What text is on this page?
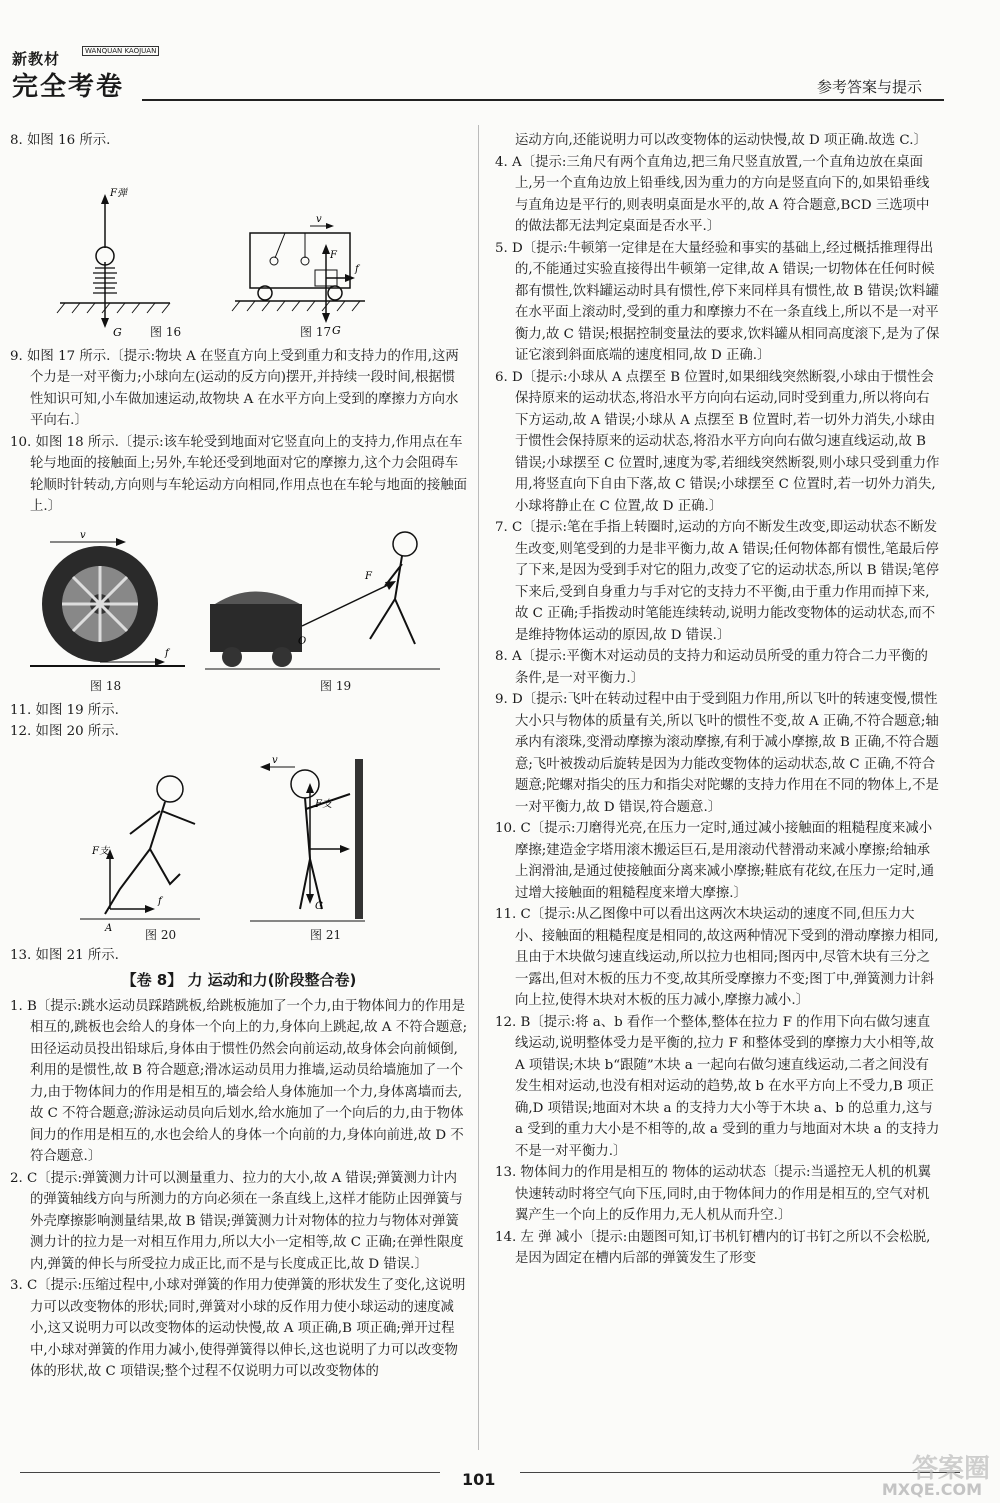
新教材	WANQUAN KAOJUAN
完全考卷	参考答案与提示

8. 如图 16 所示.

F弹
G
v
F
f
G
图 16	图 17

9. 如图 17 所示.〔提示:物块 A 在竖直方向上受到重力和支持力的作用,这两个力是一对平衡力;小球向左(运动的反方向)摆开,并持续一段时间,根据惯性知识可知,小车做加速运动,故物块 A 在水平方向上受到的摩擦力方向水平向右.〕

10. 如图 18 所示.〔提示:该车轮受到地面对它竖直向上的支持力,作用点在车轮与地面的接触面上;另外,车轮还受到地面对它的摩擦力,这个力会阻碍车轮顺时针转动,方向则与车轮运动方向相同,作用点也在车轮与地面的接触面上.〕

v
f
F
O
图 18	图 19

11. 如图 19 所示.

12. 如图 20 所示.

F支
A
f
v
F支
G
图 20	图 21

13. 如图 21 所示.

【卷 8】 力 运动和力(阶段整合卷)

1. B〔提示:跳水运动员踩踏跳板,给跳板施加了一个力,由于物体间力的作用是相互的,跳板也会给人的身体一个向上的力,身体向上跳起,故 A 不符合题意;田径运动员投出铅球后,身体由于惯性仍然会向前运动,故身体会向前倾倒,利用的是惯性,故 B 符合题意;滑冰运动员用力推墙,运动员给墙施加了一个力,由于物体间力的作用是相互的,墙会给人身体施加一个力,身体离墙而去,故 C 不符合题意;游泳运动员向后划水,给水施加了一个向后的力,由于物体间力的作用是相互的,水也会给人的身体一个向前的力,身体向前进,故 D 不符合题意.〕

2. C〔提示:弹簧测力计可以测量重力、拉力的大小,故 A 错误;弹簧测力计内的弹簧轴线方向与所测力的方向必须在一条直线上,这样才能防止因弹簧与外壳摩擦影响测量结果,故 B 错误;弹簧测力计对物体的拉力与物体对弹簧测力计的拉力是一对相互作用力,所以大小一定相等,故 C 正确;在弹性限度内,弹簧的伸长与所受拉力成正比,而不是与长度成正比,故 D 错误.〕

3. C〔提示:压缩过程中,小球对弹簧的作用力使弹簧的形状发生了变化,这说明力可以改变物体的形状;同时,弹簧对小球的反作用力使小球运动的速度减小,这又说明力可以改变物体的运动快慢,故 A 项正确,B 项正确;弹开过程中,小球对弹簧的作用力减小,使得弹簧得以伸长,这也说明了力可以改变物体的形状,故 C 项错误;整个过程不仅说明力可以改变物体的

运动方向,还能说明力可以改变物体的运动快慢,故 D 项正确.故选 C.〕

4. A〔提示:三角尺有两个直角边,把三角尺竖直放置,一个直角边放在桌面上,另一个直角边放上铅垂线,因为重力的方向是竖直向下的,如果铅垂线与直角边是平行的,则表明桌面是水平的,故 A 符合题意,BCD 三选项中的做法都无法判定桌面是否水平.〕

5. D〔提示:牛顿第一定律是在大量经验和事实的基础上,经过概括推理得出的,不能通过实验直接得出牛顿第一定律,故 A 错误;一切物体在任何时候都有惯性,饮料罐运动时具有惯性,停下来同样具有惯性,故 B 错误;饮料罐在水平面上滚动时,受到的重力和摩擦力不在一条直线上,所以不是一对平衡力,故 C 错误;根据控制变量法的要求,饮料罐从相同高度滚下,是为了保证它滚到斜面底端的速度相同,故 D 正确.〕

6. D〔提示:小球从 A 点摆至 B 位置时,如果细线突然断裂,小球由于惯性会保持原来的运动状态,将沿水平方向向右运动,同时受到重力,所以将向右下方运动,故 A 错误;小球从 A 点摆至 B 位置时,若一切外力消失,小球由于惯性会保持原来的运动状态,将沿水平方向向右做匀速直线运动,故 B 错误;小球摆至 C 位置时,速度为零,若细线突然断裂,则小球只受到重力作用,将竖直向下自由下落,故 C 错误;小球摆至 C 位置时,若一切外力消失,小球将静止在 C 位置,故 D 正确.〕

7. C〔提示:笔在手指上转圈时,运动的方向不断发生改变,即运动状态不断发生改变,则笔受到的力是非平衡力,故 A 错误;任何物体都有惯性,笔最后停了下来,是因为受到手对它的阻力,改变了它的运动状态,所以 B 错误;笔停下来后,受到自身重力与手对它的支持力不平衡,由于重力作用而掉下来,故 C 正确;手指拨动时笔能连续转动,说明力能改变物体的运动状态,而不是维持物体运动的原因,故 D 错误.〕

8. A〔提示:平衡木对运动员的支持力和运动员所受的重力符合二力平衡的条件,是一对平衡力.〕

9. D〔提示:飞叶在转动过程中由于受到阻力作用,所以飞叶的转速变慢,惯性大小只与物体的质量有关,所以飞叶的惯性不变,故 A 正确,不符合题意;轴承内有滚珠,变滑动摩擦为滚动摩擦,有利于减小摩擦,故 B 正确,不符合题意;飞叶被拨动后旋转是因为力能改变物体的运动状态,故 C 正确,不符合题意;陀螺对指尖的压力和指尖对陀螺的支持力作用在不同的物体上,不是一对平衡力,故 D 错误,符合题意.〕

10. C〔提示:刀磨得光亮,在压力一定时,通过减小接触面的粗糙程度来减小摩擦;建造金字塔用滚木搬运巨石,是用滚动代替滑动来减小摩擦;给轴承上润滑油,是通过使接触面分离来减小摩擦;鞋底有花纹,在压力一定时,通过增大接触面的粗糙程度来增大摩擦.〕

11. C〔提示:从乙图像中可以看出这两次木块运动的速度不同,但压力大小、接触面的粗糙程度是相同的,故这两种情况下受到的滑动摩擦力相同,且由于木块做匀速直线运动,所以拉力也相同;图丙中,尽管木块有三分之一露出,但对木板的压力不变,故其所受摩擦力不变;图丁中,弹簧测力计斜向上拉,使得木块对木板的压力减小,摩擦力减小.〕

12. B〔提示:将 a、b 看作一个整体,整体在拉力 F 的作用下向右做匀速直线运动,说明整体受力是平衡的,拉力 F 和整体受到的摩擦力大小相等,故 A 项错误;木块 b“跟随”木块 a 一起向右做匀速直线运动,二者之间没有发生相对运动,也没有相对运动的趋势,故 b 在水平方向上不受力,B 项正确,D 项错误;地面对木块 a 的支持力大小等于木块 a、b 的总重力,这与 a 受到的重力大小是不相等的,故 a 受到的重力与地面对木块 a 的支持力不是一对平衡力.〕

13. 物体间力的作用是相互的 物体的运动状态〔提示:当遥控无人机的机翼快速转动时将空气向下压,同时,由于物体间力的作用是相互的,空气对机翼产生一个向上的反作用力,无人机从而升空.〕

14. 左 弹 减小〔提示:由题图可知,订书机钉槽内的订书钉之所以不会松脱,是因为固定在槽内后部的弹簧发生了形变

101	答案圈
MXQE.COM
